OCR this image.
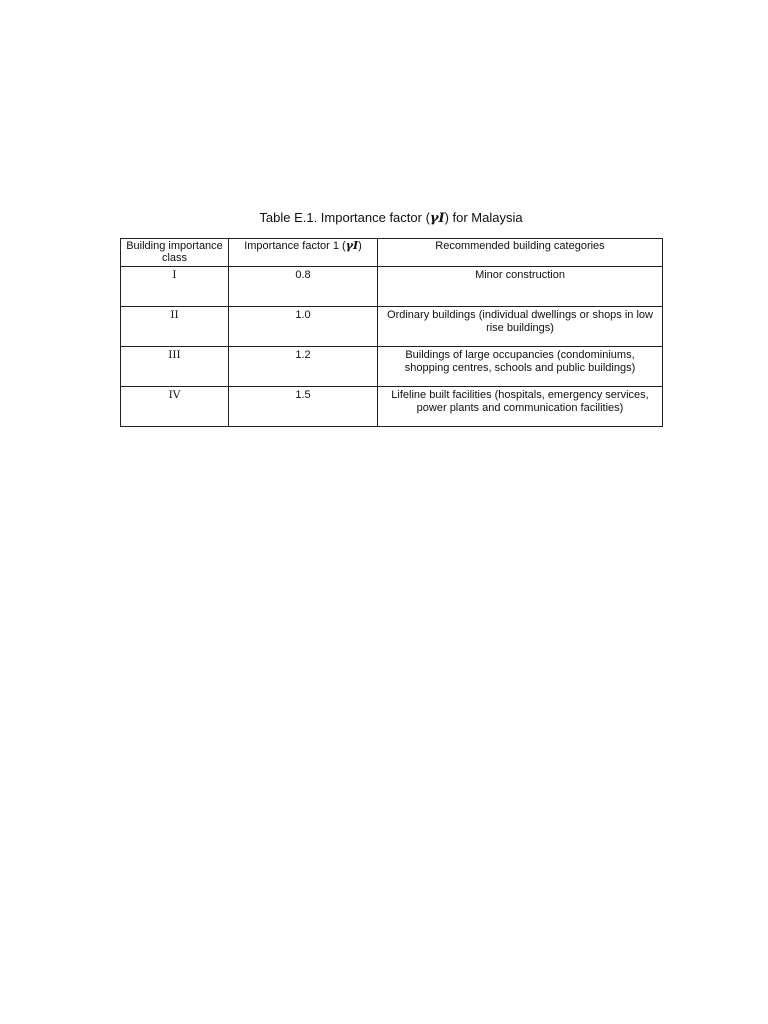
Table E.1. Importance factor (γI) for Malaysia
Building importance class	Importance factor 1 (γI)	Recommended building categories
I	0.8	Minor construction
II	1.0	Ordinary buildings (individual dwellings or shops in low rise buildings)
III	1.2	Buildings of large occupancies (condominiums, shopping centres, schools and public buildings)
IV	1.5	Lifeline built facilities (hospitals, emergency services, power plants and communication facilities)
